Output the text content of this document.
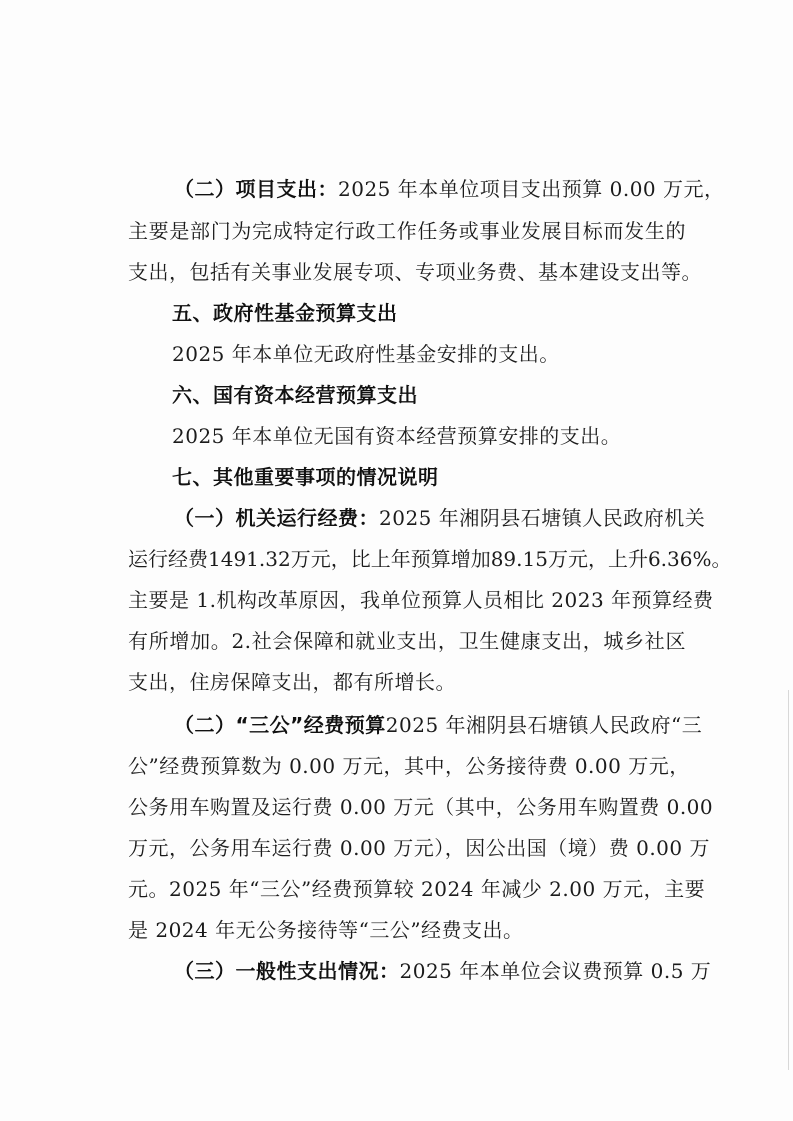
（二）项目支出：2025 年本单位项目支出预算 0.00 万元，
主要是部门为完成特定行政工作任务或事业发展目标而发生的
支出，包括有关事业发展专项、专项业务费、基本建设支出等。
五、政府性基金预算支出
2025 年本单位无政府性基金安排的支出。
六、国有资本经营预算支出
2025 年本单位无国有资本经营预算安排的支出。
七、其他重要事项的情况说明
（一）机关运行经费：2025 年湘阴县石塘镇人民政府机关
运行经费1491.32万元，比上年预算增加89.15万元，上升6.36%。
主要是 1.机构改革原因，我单位预算人员相比 2023 年预算经费
有所增加。2.社会保障和就业支出，卫生健康支出，城乡社区
支出，住房保障支出，都有所增长。
（二）“三公”经费预算2025 年湘阴县石塘镇人民政府“三
公”经费预算数为 0.00 万元，其中，公务接待费 0.00 万元，
公务用车购置及运行费 0.00 万元（其中，公务用车购置费 0.00
万元，公务用车运行费 0.00 万元），因公出国（境）费 0.00 万
元。2025 年“三公”经费预算较 2024 年减少 2.00 万元，主要
是 2024 年无公务接待等“三公”经费支出。
（三）一般性支出情况：2025 年本单位会议费预算 0.5 万
